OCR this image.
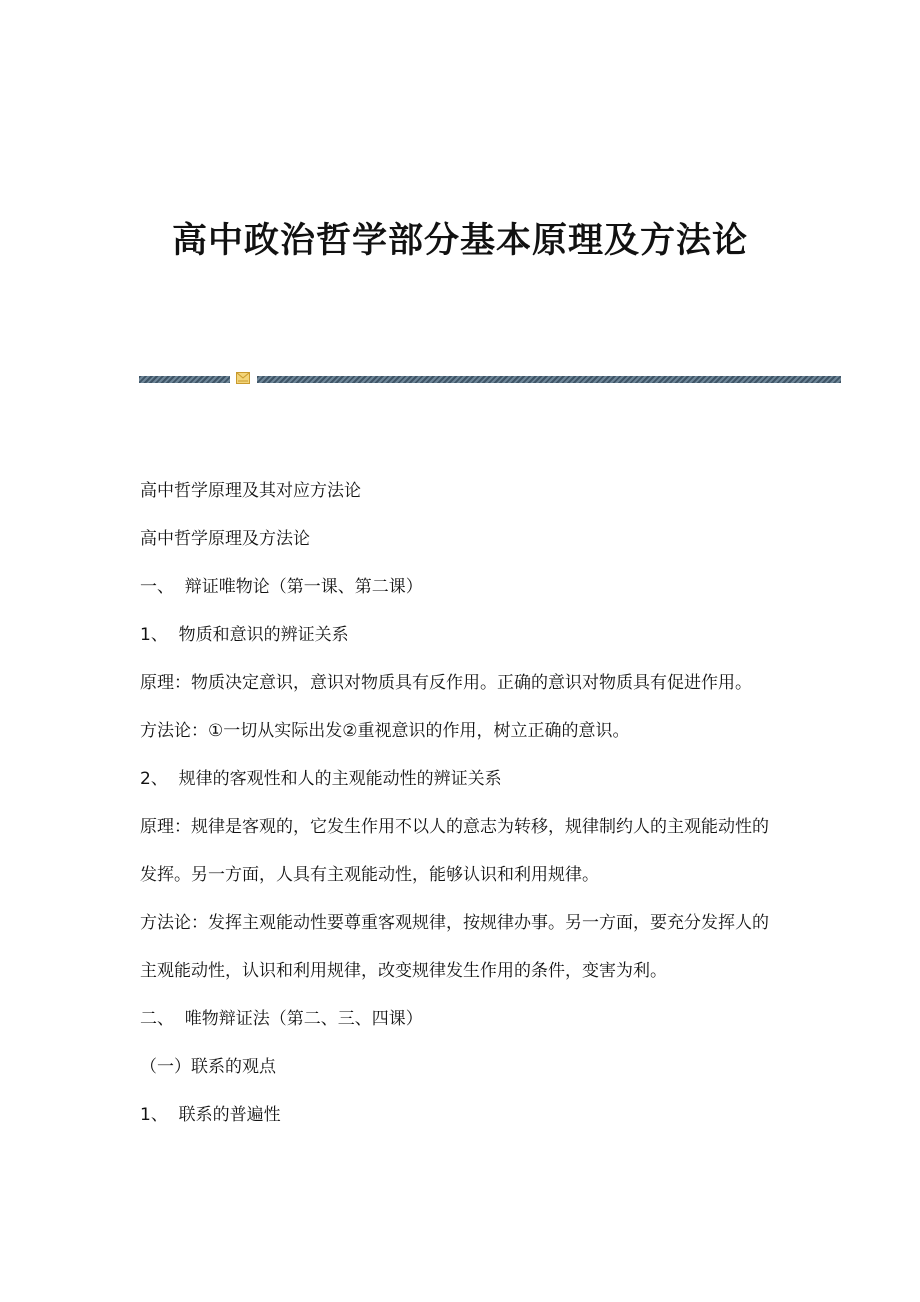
高中政治哲学部分基本原理及方法论

高中哲学原理及其对应方法论

高中哲学原理及方法论

一、  辩证唯物论（第一课、第二课）

1、  物质和意识的辨证关系

原理：物质决定意识，意识对物质具有反作用。正确的意识对物质具有促进作用。

方法论：①一切从实际出发②重视意识的作用，树立正确的意识。

2、  规律的客观性和人的主观能动性的辨证关系

原理：规律是客观的，它发生作用不以人的意志为转移，规律制约人的主观能动性的发挥。另一方面，人具有主观能动性，能够认识和利用规律。

方法论：发挥主观能动性要尊重客观规律，按规律办事。另一方面，要充分发挥人的主观能动性，认识和利用规律，改变规律发生作用的条件，变害为利。

二、  唯物辩证法（第二、三、四课）

（一）联系的观点

1、  联系的普遍性
